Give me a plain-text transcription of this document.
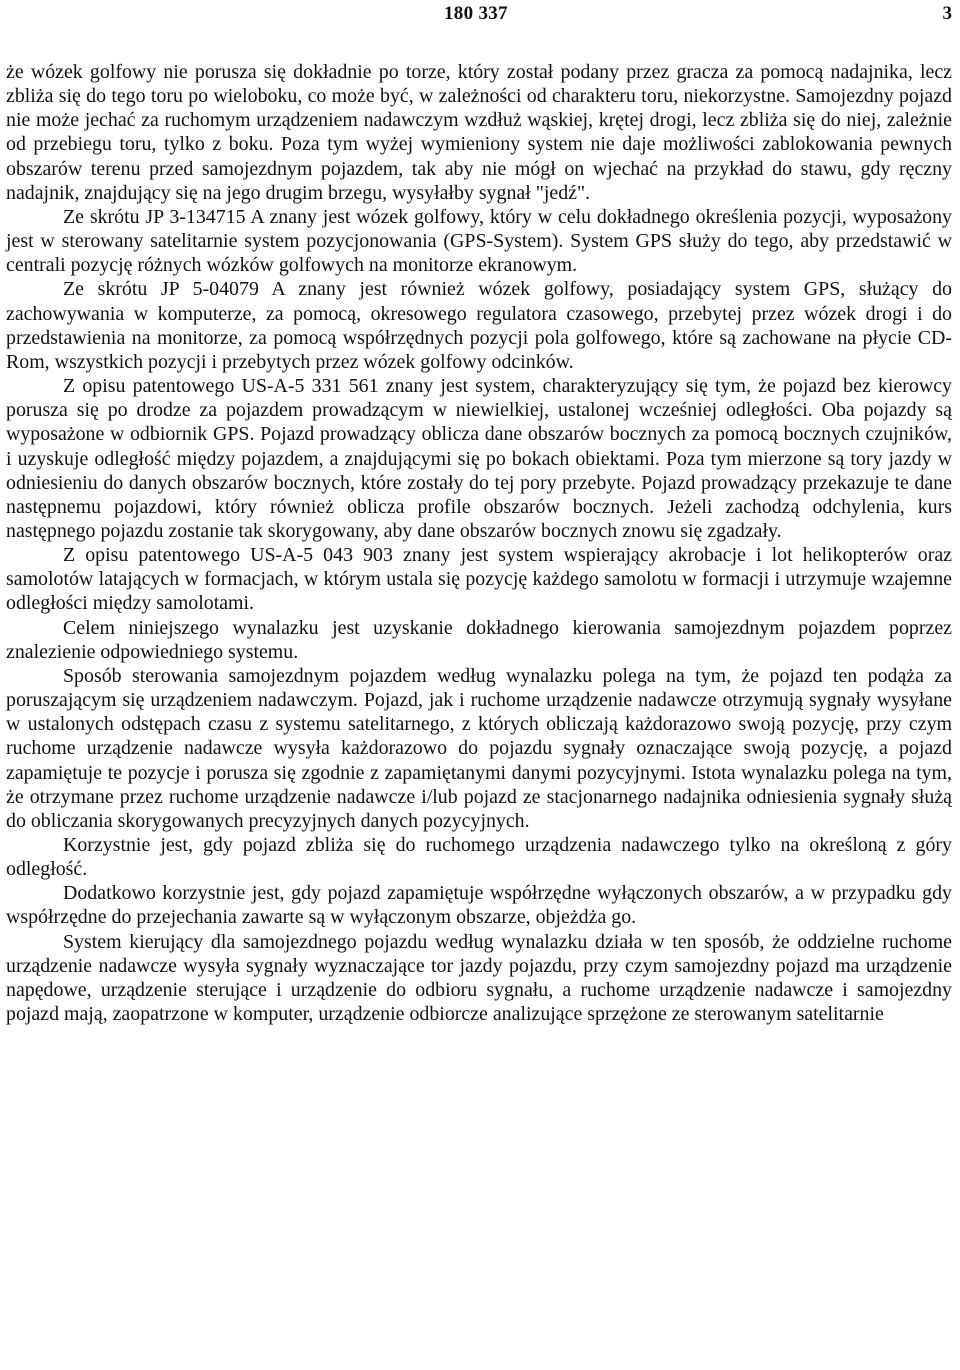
180 337	3

że wózek golfowy nie porusza się dokładnie po torze, który został podany przez gracza za pomocą nadajnika, lecz zbliża się do tego toru po wieloboku, co może być, w zależności od charakteru toru, niekorzystne. Samojezdny pojazd nie może jechać za ruchomym urządzeniem nadawczym wzdłuż wąskiej, krętej drogi, lecz zbliża się do niej, zależnie od przebiegu toru, tylko z boku. Poza tym wyżej wymieniony system nie daje możliwości zablokowania pewnych obszarów terenu przed samojezdnym pojazdem, tak aby nie mógł on wjechać na przykład do stawu, gdy ręczny nadajnik, znajdujący się na jego drugim brzegu, wysyłałby sygnał "jedź".

Ze skrótu JP 3-134715 A znany jest wózek golfowy, który w celu dokładnego określenia pozycji, wyposażony jest w sterowany satelitarnie system pozycjonowania (GPS-System). System GPS służy do tego, aby przedstawić w centrali pozycję różnych wózków golfowych na monitorze ekranowym.

Ze skrótu JP 5-04079 A znany jest również wózek golfowy, posiadający system GPS, służący do zachowywania w komputerze, za pomocą, okresowego regulatora czasowego, przebytej przez wózek drogi i do przedstawienia na monitorze, za pomocą współrzędnych pozycji pola golfowego, które są zachowane na płycie CD-Rom, wszystkich pozycji i przebytych przez wózek golfowy odcinków.

Z opisu patentowego US-A-5 331 561 znany jest system, charakteryzujący się tym, że pojazd bez kierowcy porusza się po drodze za pojazdem prowadzącym w niewielkiej, ustalonej wcześniej odległości. Oba pojazdy są wyposażone w odbiornik GPS. Pojazd prowadzący oblicza dane obszarów bocznych za pomocą bocznych czujników, i uzyskuje odległość między pojazdem, a znajdującymi się po bokach obiektami. Poza tym mierzone są tory jazdy w odniesieniu do danych obszarów bocznych, które zostały do tej pory przebyte. Pojazd prowadzący przekazuje te dane następnemu pojazdowi, który również oblicza profile obszarów bocznych. Jeżeli zachodzą odchylenia, kurs następnego pojazdu zostanie tak skorygowany, aby dane obszarów bocznych znowu się zgadzały.

Z opisu patentowego US-A-5 043 903 znany jest system wspierający akrobacje i lot helikopterów oraz samolotów latających w formacjach, w którym ustala się pozycję każdego samolotu w formacji i utrzymuje wzajemne odległości między samolotami.

Celem niniejszego wynalazku jest uzyskanie dokładnego kierowania samojezdnym pojazdem poprzez znalezienie odpowiedniego systemu.

Sposób sterowania samojezdnym pojazdem według wynalazku polega na tym, że pojazd ten podąża za poruszającym się urządzeniem nadawczym. Pojazd, jak i ruchome urządzenie nadawcze otrzymują sygnały wysyłane w ustalonych odstępach czasu z systemu satelitarnego, z których obliczają każdorazowo swoją pozycję, przy czym ruchome urządzenie nadawcze wysyła każdorazowo do pojazdu sygnały oznaczające swoją pozycję, a pojazd zapamiętuje te pozycje i porusza się zgodnie z zapamiętanymi danymi pozycyjnymi. Istota wynalazku polega na tym, że otrzymane przez ruchome urządzenie nadawcze i/lub pojazd ze stacjonarnego nadajnika odniesienia sygnały służą do obliczania skorygowanych precyzyjnych danych pozycyjnych.

Korzystnie jest, gdy pojazd zbliża się do ruchomego urządzenia nadawczego tylko na określoną z góry odległość.

Dodatkowo korzystnie jest, gdy pojazd zapamiętuje współrzędne wyłączonych obszarów, a w przypadku gdy współrzędne do przejechania zawarte są w wyłączonym obszarze, objeżdża go.

System kierujący dla samojezdnego pojazdu według wynalazku działa w ten sposób, że oddzielne ruchome urządzenie nadawcze wysyła sygnały wyznaczające tor jazdy pojazdu, przy czym samojezdny pojazd ma urządzenie napędowe, urządzenie sterujące i urządzenie do odbioru sygnału, a ruchome urządzenie nadawcze i samojezdny pojazd mają, zaopatrzone w komputer, urządzenie odbiorcze analizujące sprzężone ze sterowanym satelitarnie
